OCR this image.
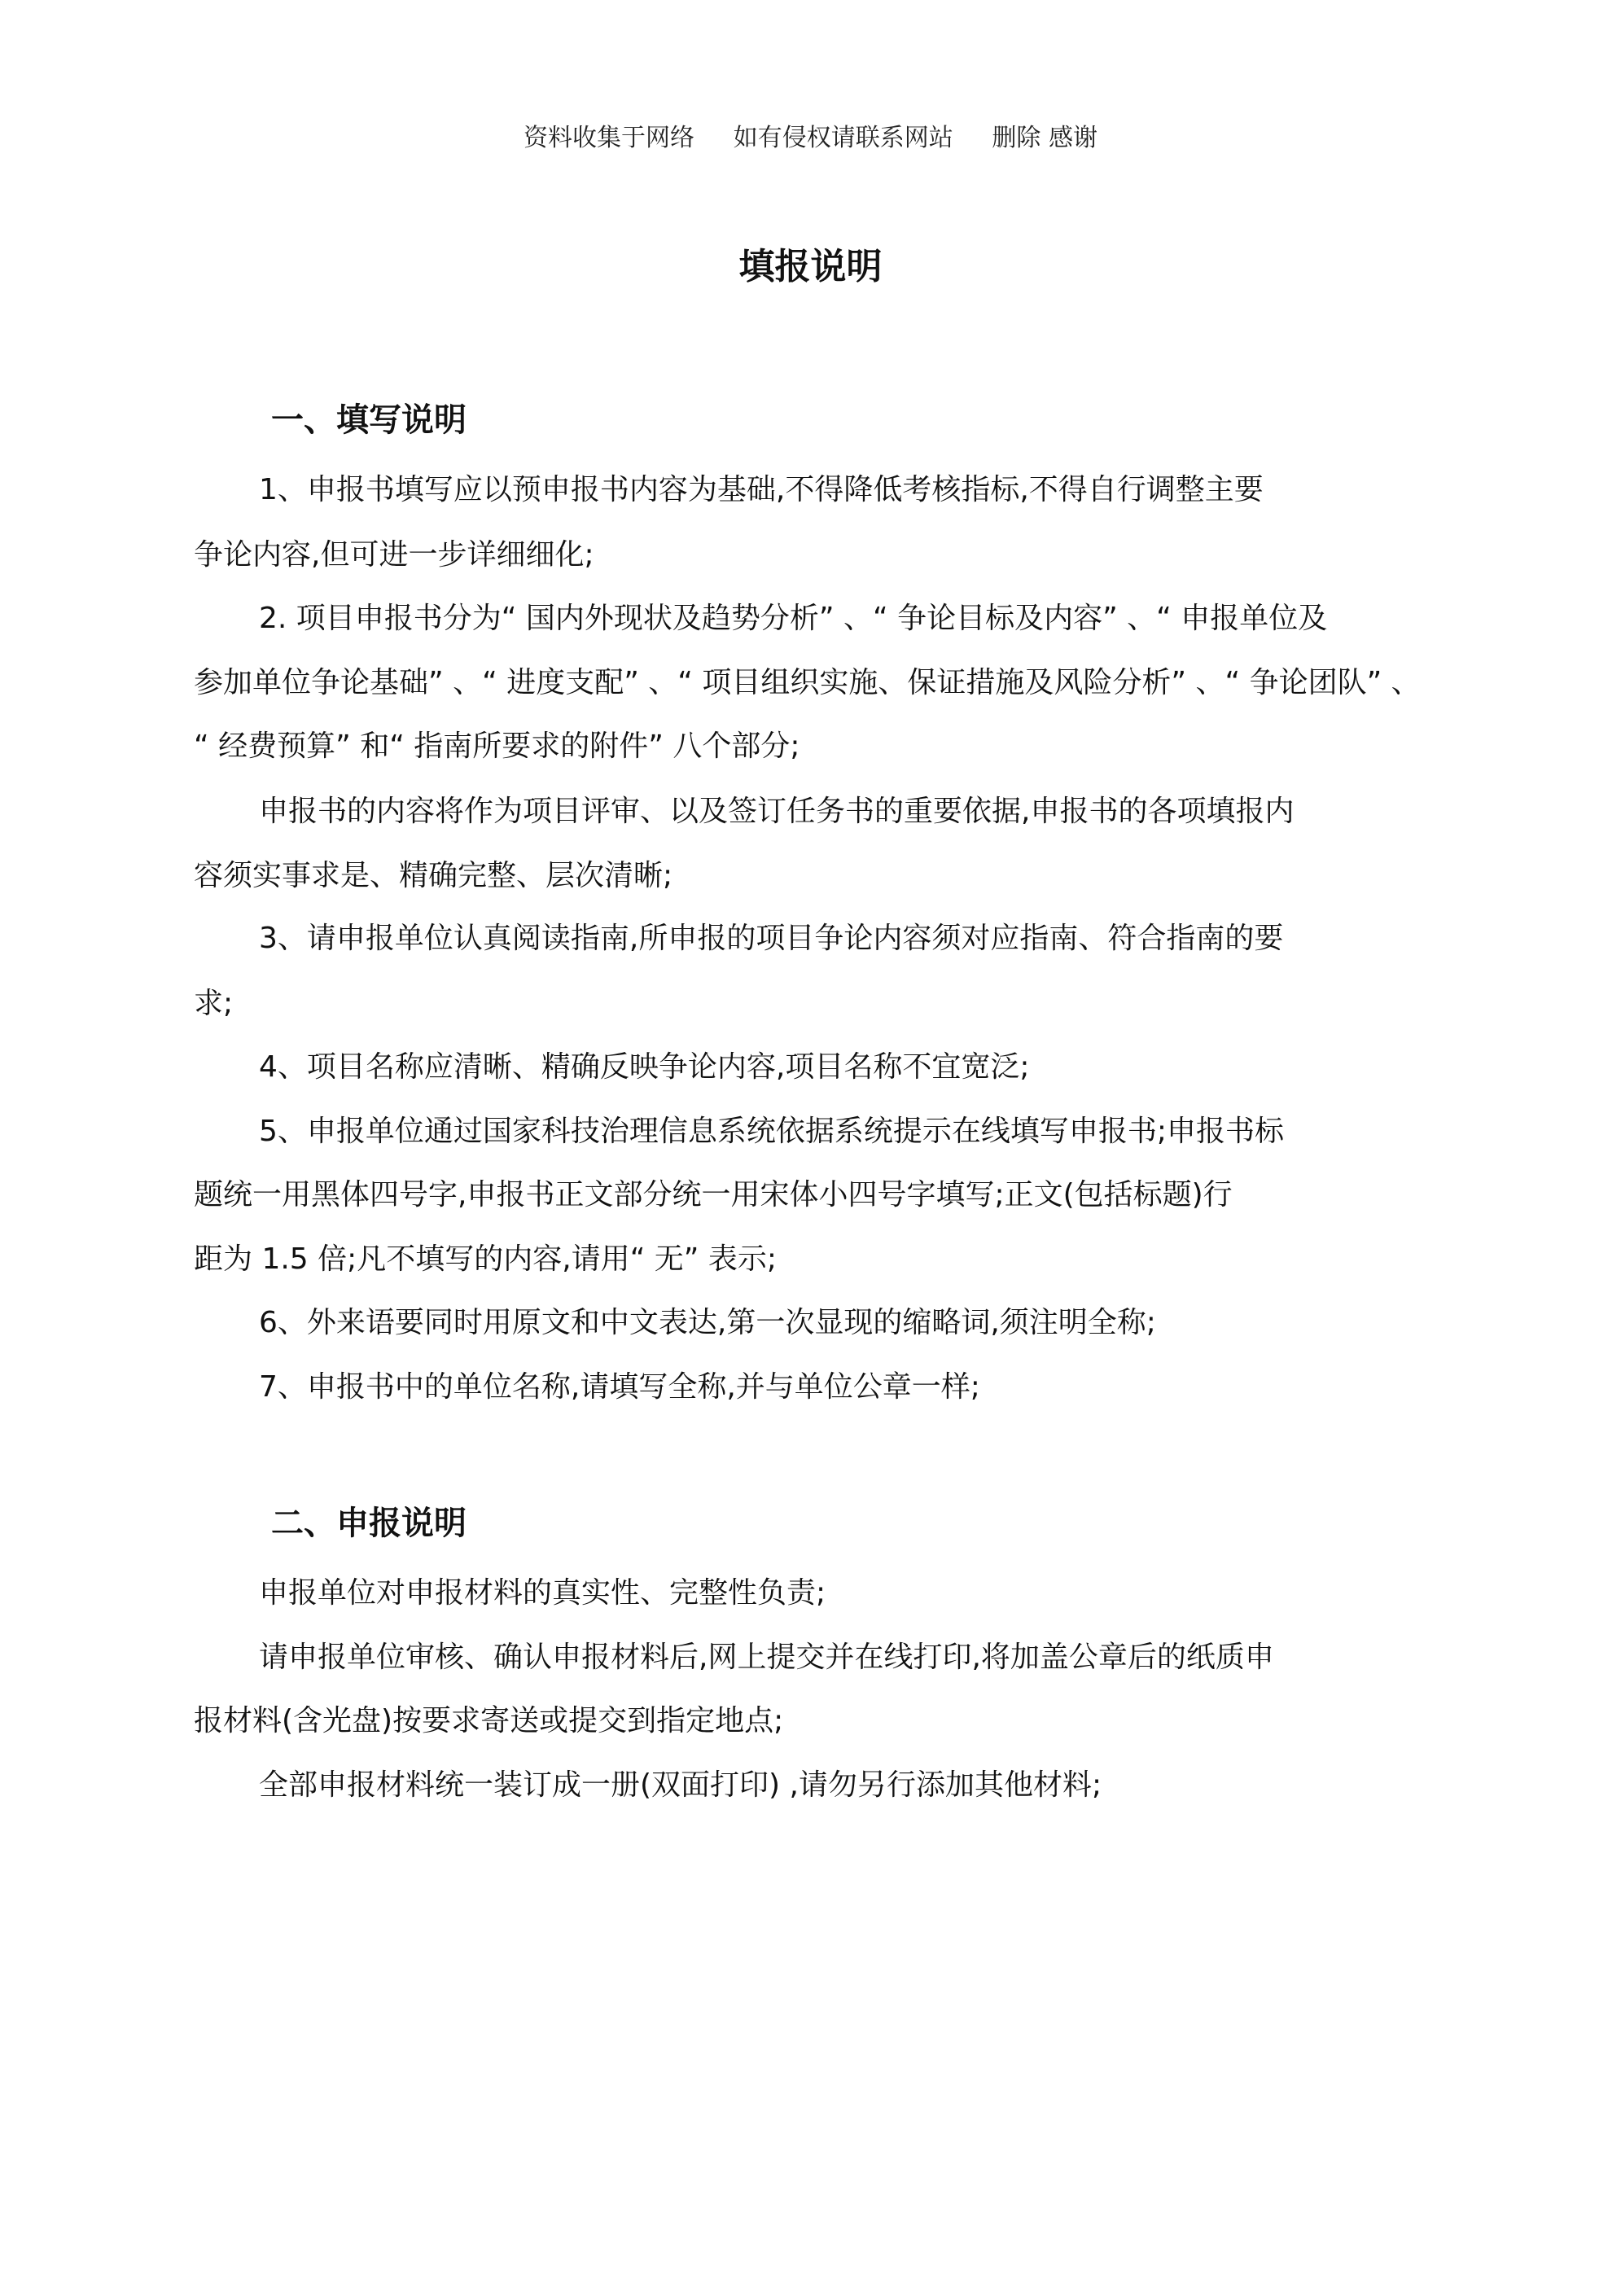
资料收集于网络     如有侵权请联系网站     删除 感谢
填报说明
一、填写说明
1、申报书填写应以预申报书内容为基础,不得降低考核指标,不得自行调整主要
争论内容,但可进一步详细细化;
2. 项目申报书分为“ 国内外现状及趋势分析” 、“ 争论目标及内容” 、“ 申报单位及
参加单位争论基础” 、“ 进度支配” 、“ 项目组织实施、保证措施及风险分析” 、“ 争论团队” 、
“ 经费预算” 和“ 指南所要求的附件” 八个部分;
申报书的内容将作为项目评审、以及签订任务书的重要依据,申报书的各项填报内
容须实事求是、精确完整、层次清晰;
3、请申报单位认真阅读指南,所申报的项目争论内容须对应指南、符合指南的要
求;
4、项目名称应清晰、精确反映争论内容,项目名称不宜宽泛;
5、申报单位通过国家科技治理信息系统依据系统提示在线填写申报书;申报书标
题统一用黑体四号字,申报书正文部分统一用宋体小四号字填写;正文(包括标题)行
距为 1.5 倍;凡不填写的内容,请用“ 无” 表示;
6、外来语要同时用原文和中文表达,第一次显现的缩略词,须注明全称;
7、申报书中的单位名称,请填写全称,并与单位公章一样;
二、申报说明
申报单位对申报材料的真实性、完整性负责;
请申报单位审核、确认申报材料后,网上提交并在线打印,将加盖公章后的纸质申
报材料(含光盘)按要求寄送或提交到指定地点;
全部申报材料统一装订成一册(双面打印) ,请勿另行添加其他材料;
